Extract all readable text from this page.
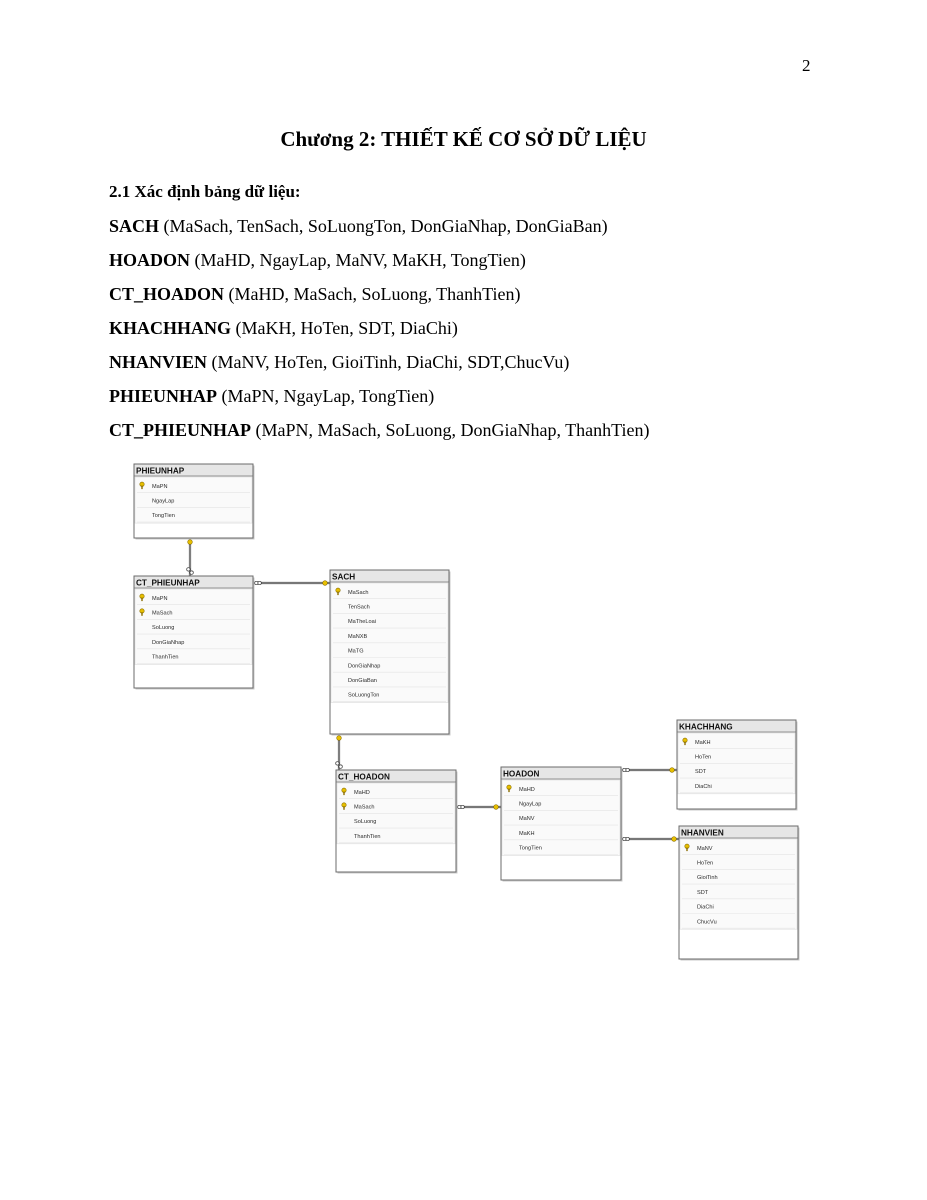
2
Chương 2: THIẾT KẾ CƠ SỞ DỮ LIỆU
2.1 Xác định bảng dữ liệu:
SACH (MaSach, TenSach, SoLuongTon, DonGiaNhap, DonGiaBan)
HOADON (MaHD, NgayLap, MaNV, MaKH, TongTien)
CT_HOADON (MaHD, MaSach, SoLuong, ThanhTien)
KHACHHANG (MaKH, HoTen, SDT, DiaChi)
NHANVIEN (MaNV, HoTen, GioiTinh, DiaChi, SDT,ChucVu)
PHIEUNHAP (MaPN, NgayLap, TongTien)
CT_PHIEUNHAP (MaPN, MaSach, SoLuong, DonGiaNhap, ThanhTien)
PHIEUNHAP
MaPN
NgayLap
TongTien
CT_PHIEUNHAP
MaPN
MaSach
SoLuong
DonGiaNhap
ThanhTien
SACH
MaSach
TenSach
MaTheLoai
MaNXB
MaTG
DonGiaNhap
DonGiaBan
SoLuongTon
CT_HOADON
MaHD
MaSach
SoLuong
ThanhTien
HOADON
MaHD
NgayLap
MaNV
MaKH
TongTien
KHACHHANG
MaKH
HoTen
SDT
DiaChi
NHANVIEN
MaNV
HoTen
GioiTinh
SDT
DiaChi
ChucVu
